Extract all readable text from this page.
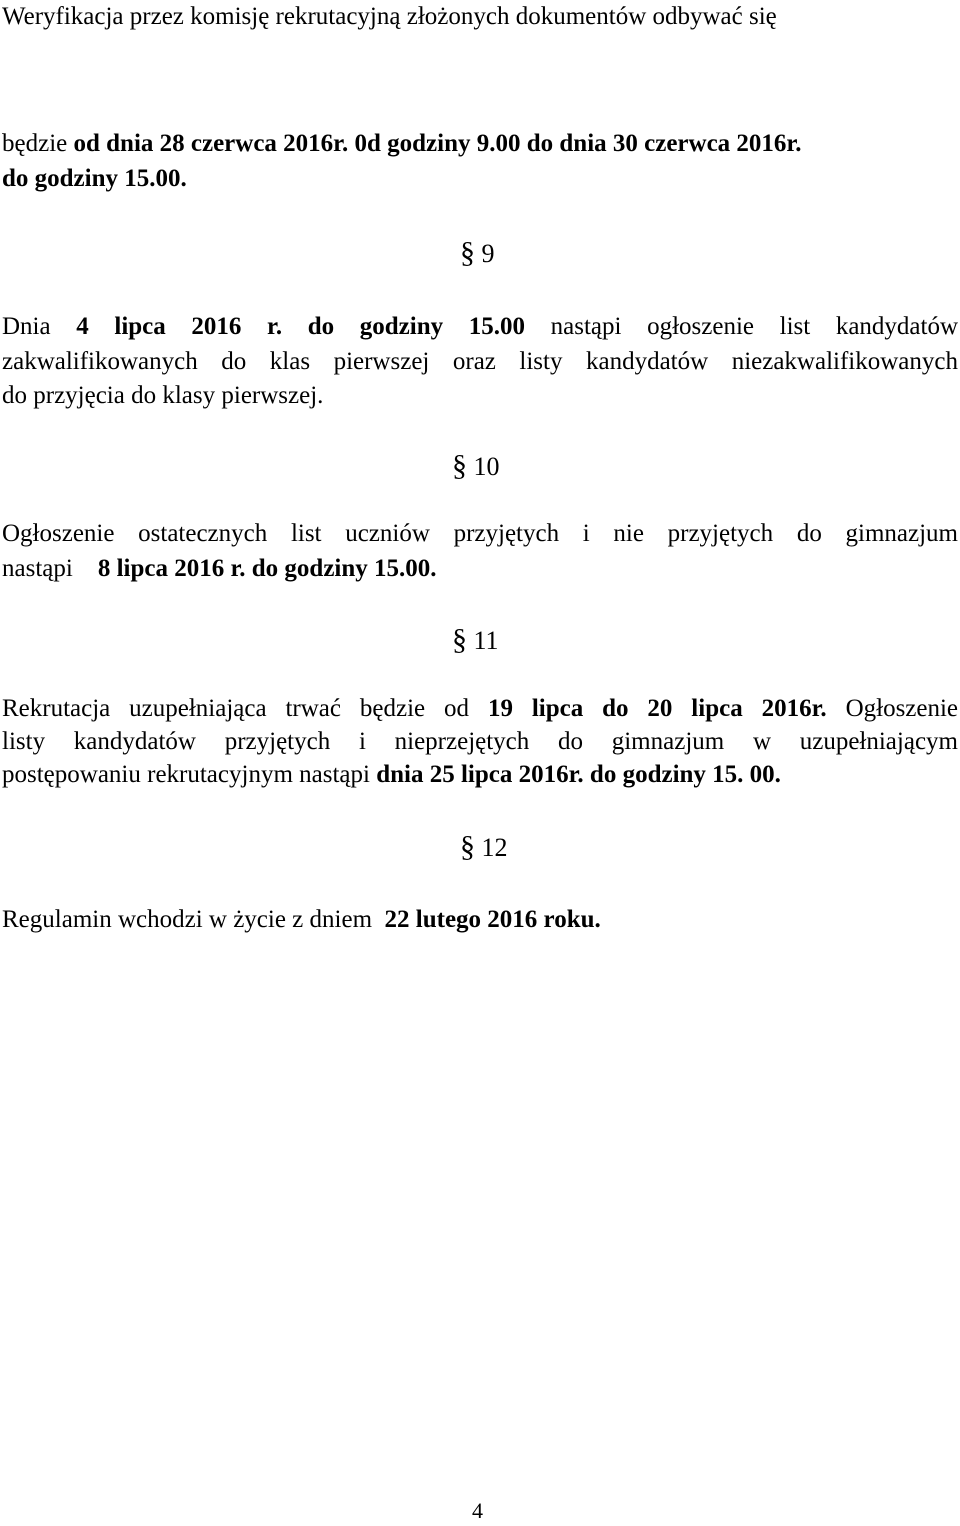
Weryfikacja przez komisję rekrutacyjną złożonych dokumentów odbywać się
będzie od dnia 28 czerwca 2016r. 0d godziny 9.00 do dnia 30 czerwca 2016r.
do godziny 15.00.
§ 9
Dnia 4 lipca 2016 r. do godziny 15.00 nastąpi ogłoszenie list kandydatów
zakwalifikowanych do klas pierwszej oraz listy kandydatów niezakwalifikowanych
do przyjęcia do klasy pierwszej.
§ 10
Ogłoszenie ostatecznych list uczniów przyjętych i nie przyjętych do gimnazjum
nastąpi 8 lipca 2016 r. do godziny 15.00.
§ 11
Rekrutacja uzupełniająca trwać będzie od 19 lipca do 20 lipca 2016r. Ogłoszenie
listy kandydatów przyjętych i nieprzejętych do gimnazjum w uzupełniającym
postępowaniu rekrutacyjnym nastąpi dnia 25 lipca 2016r. do godziny 15. 00.
§ 12
Regulamin wchodzi w życie z dniem 22 lutego 2016 roku.
4
